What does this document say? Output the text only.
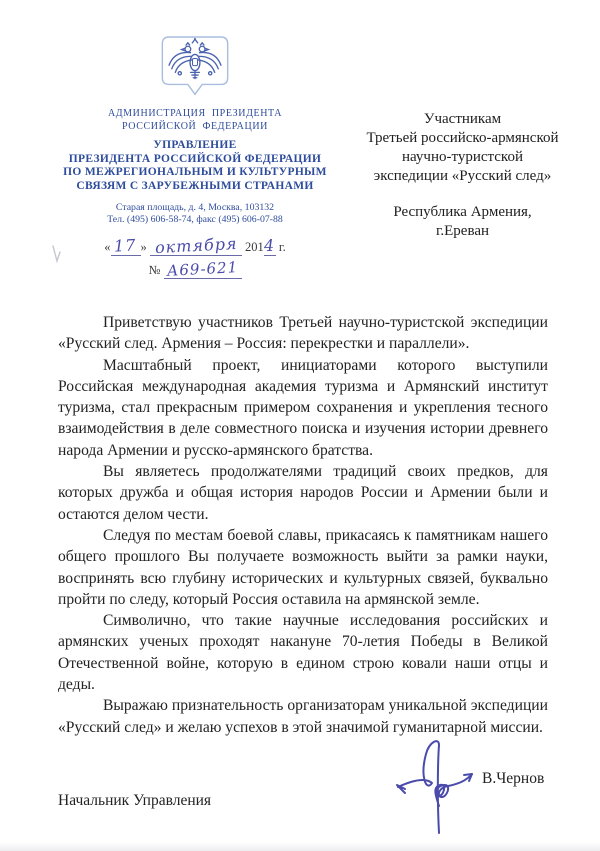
АДМИНИСТРАЦИЯ ПРЕЗИДЕНТА
РОССИЙСКОЙ ФЕДЕРАЦИИ
УПРАВЛЕНИЕ
ПРЕЗИДЕНТА РОССИЙСКОЙ ФЕДЕРАЦИИ
ПО МЕЖРЕГИОНАЛЬНЫМ И КУЛЬТУРНЫМ
СВЯЗЯМ С ЗАРУБЕЖНЫМИ СТРАНАМИ
Старая площадь, д. 4, Москва, 103132
Тел. (495) 606-58-74, факс (495) 606-07-88
« 17 » октября 2014 г.
№ А69-621
Участникам
Третьей российско-армянской
научно-туристской
экспедиции «Русский след»
Республика Армения,
г.Ереван

Приветствую участников Третьей научно-туристской экспедиции «Русский след. Армения – Россия: перекрестки и параллели».

Масштабный проект, инициаторами которого выступили Российская международная академия туризма и Армянский институт туризма, стал прекрасным примером сохранения и укрепления тесного взаимодействия в деле совместного поиска и изучения истории древнего народа Армении и русско-армянского братства.

Вы являетесь продолжателями традиций своих предков, для которых дружба и общая история народов России и Армении были и остаются делом чести.

Следуя по местам боевой славы, прикасаясь к памятникам нашего общего прошлого Вы получаете возможность выйти за рамки науки, воспринять всю глубину исторических и культурных связей, буквально пройти по следу, который Россия оставила на армянской земле.

Символично, что такие научные исследования российских и армянских ученых проходят накануне 70-летия Победы в Великой Отечественной войне, которую в едином строю ковали наши отцы и деды.

Выражаю признательность организаторам уникальной экспедиции «Русский след» и желаю успехов в этой значимой гуманитарной миссии.

Начальник Управления
В.Чернов
